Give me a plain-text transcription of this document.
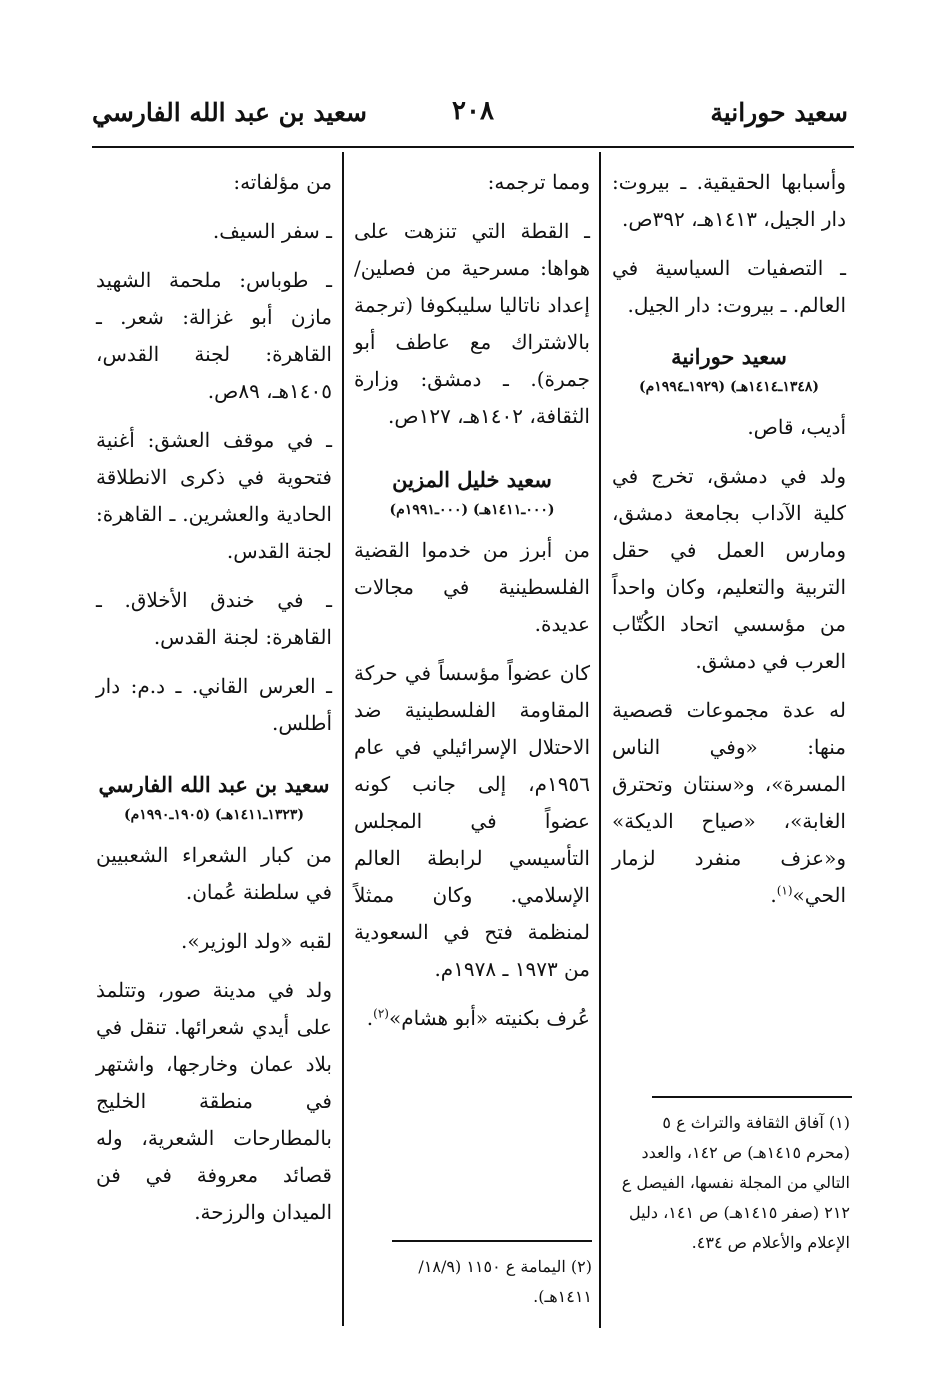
سعيد حورانية
٢٠٨
سعيد بن عبد الله الفارسي

وأسبابها الحقيقية. ـ بيروت: دار الجيل، ١٤١٣هـ، ٣٩٢ص.

ـ التصفيات السياسية في العالم. ـ بيروت: دار الجيل.

سعيد حورانية

(١٣٤٨ـ١٤١٤هـ) (١٩٢٩ـ١٩٩٤م)

أديب، قاص.

ولد في دمشق، تخرج في كلية الآداب بجامعة دمشق، ومارس العمل في حقل التربية والتعليم، وكان واحداً من مؤسسي اتحاد الكُتّاب العرب في دمشق.

له عدة مجموعات قصصية منها: «وفي الناس المسرة»، و«سنتان وتحترق الغابة»، «صياح الديكة» و«عزف منفرد لزمار الحي»$^{(١)}$.

(١) آفاق الثقافة والتراث ع ٥ (محرم ١٤١٥هـ) ص ١٤٢، والعدد التالي من المجلة نفسها، الفيصل ع ٢١٢ (صفر ١٤١٥هـ) ص ١٤١، دليل الإعلام والأعلام ص ٤٣٤.

ومما ترجمه:

ـ القطة التي تنزهت على هواها: مسرحية من فصلين/ إعداد ناتاليا سليبكوفا (ترجمة بالاشتراك مع عاطف أبو جمرة). ـ دمشق: وزارة الثقافة، ١٤٠٢هـ، ١٢٧ص.

سعيد خليل المزين

(٠٠٠ـ١٤١١هـ) (٠٠٠ـ١٩٩١م)

من أبرز من خدموا القضية الفلسطينية في مجالات عديدة.

كان عضواً مؤسساً في حركة المقاومة الفلسطينية ضد الاحتلال الإسرائيلي في عام ١٩٥٦م، إلى جانب كونه عضواً في المجلس التأسيسي لرابطة العالم الإسلامي. وكان ممثلاً لمنظمة فتح في السعودية من ١٩٧٣ ـ ١٩٧٨م.

عُرف بكنيته «أبو هشام»$^{(٢)}$.

(٢) اليمامة ع ١١٥٠ (١٨/٩/ ١٤١١هـ).

من مؤلفاته:

ـ سفر السيف.

ـ طوباس: ملحمة الشهيد مازن أبو غزالة: شعر. ـ القاهرة: لجنة القدس، ١٤٠٥هـ، ٨٩ص.

ـ في موقف العشق: أغنية فتحوية في ذكرى الانطلاقة الحادية والعشرين. ـ القاهرة: لجنة القدس.

ـ في خندق الأخلاق. ـ القاهرة: لجنة القدس.

ـ العرس القاني. ـ د.م: دار أطلس.

سعيد بن عبد الله الفارسي

(١٣٢٣ـ١٤١١هـ) (١٩٠٥ـ١٩٩٠م)

من كبار الشعراء الشعبيين في سلطنة عُمان.

لقبه «ولد الوزير».

ولد في مدينة صور، وتتلمذ على أيدي شعرائها. تنقل في بلاد عمان وخارجها، واشتهر في منطقة الخليج بالمطارحات الشعرية، وله قصائد معروفة في فن الميدان والرزحة.
